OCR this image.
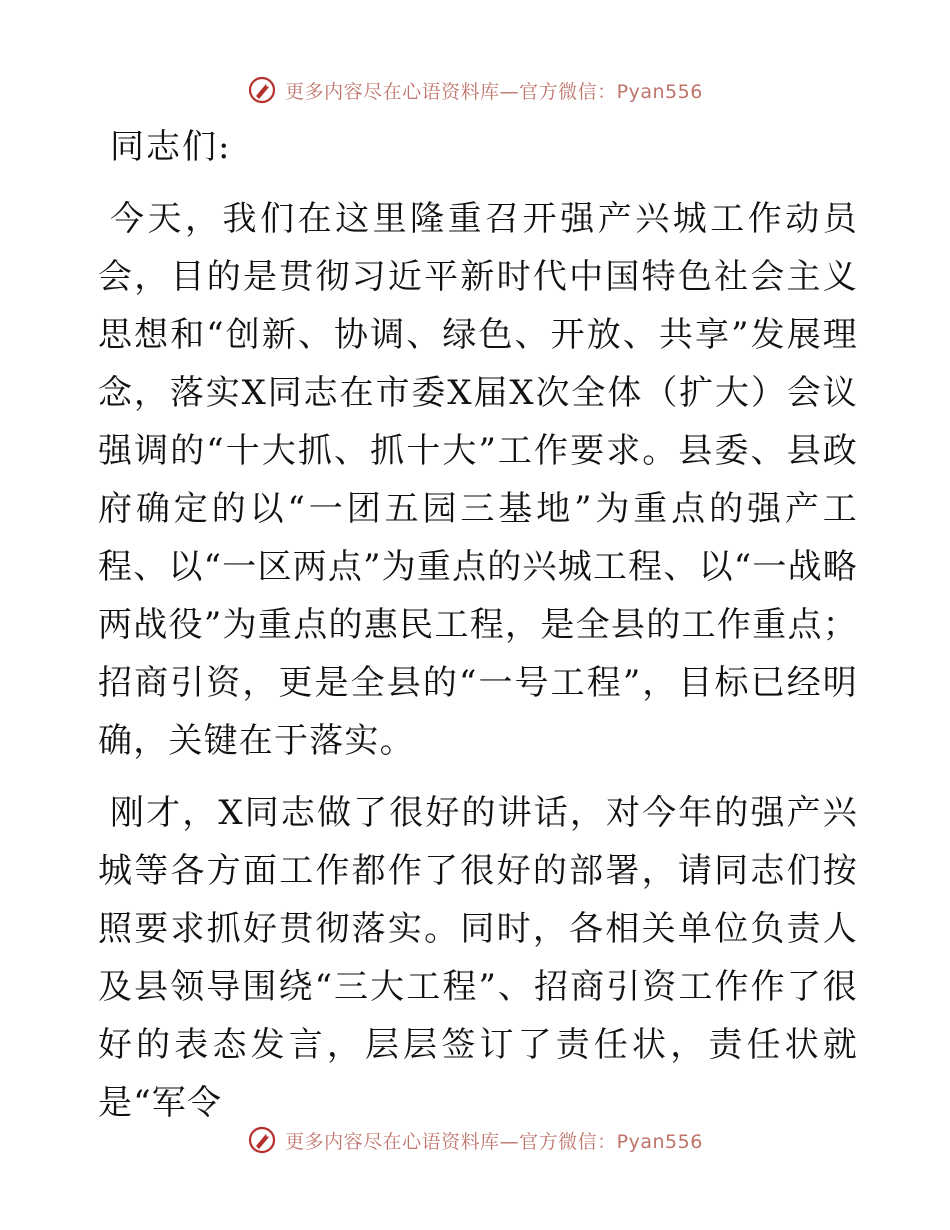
更多内容尽在心语资料库—官方微信：Pyan556

同志们:

今天，我们在这里隆重召开强产兴城工作动员会，目的是贯彻习近平新时代中国特色社会主义思想和“创新、协调、绿色、开放、共享”发展理念，落实X同志在市委X届X次全体（扩大）会议强调的“十大抓、抓十大”工作要求。县委、县政府确定的以“一团五园三基地”为重点的强产工程、以“一区两点”为重点的兴城工程、以“一战略两战役”为重点的惠民工程，是全县的工作重点；招商引资，更是全县的“一号工程”，目标已经明确，关键在于落实。

刚才，X同志做了很好的讲话，对今年的强产兴城等各方面工作都作了很好的部署，请同志们按照要求抓好贯彻落实。同时，各相关单位负责人及县领导围绕“三大工程”、招商引资工作作了很好的表态发言，层层签订了责任状，责任状就是“军令

更多内容尽在心语资料库—官方微信：Pyan556
